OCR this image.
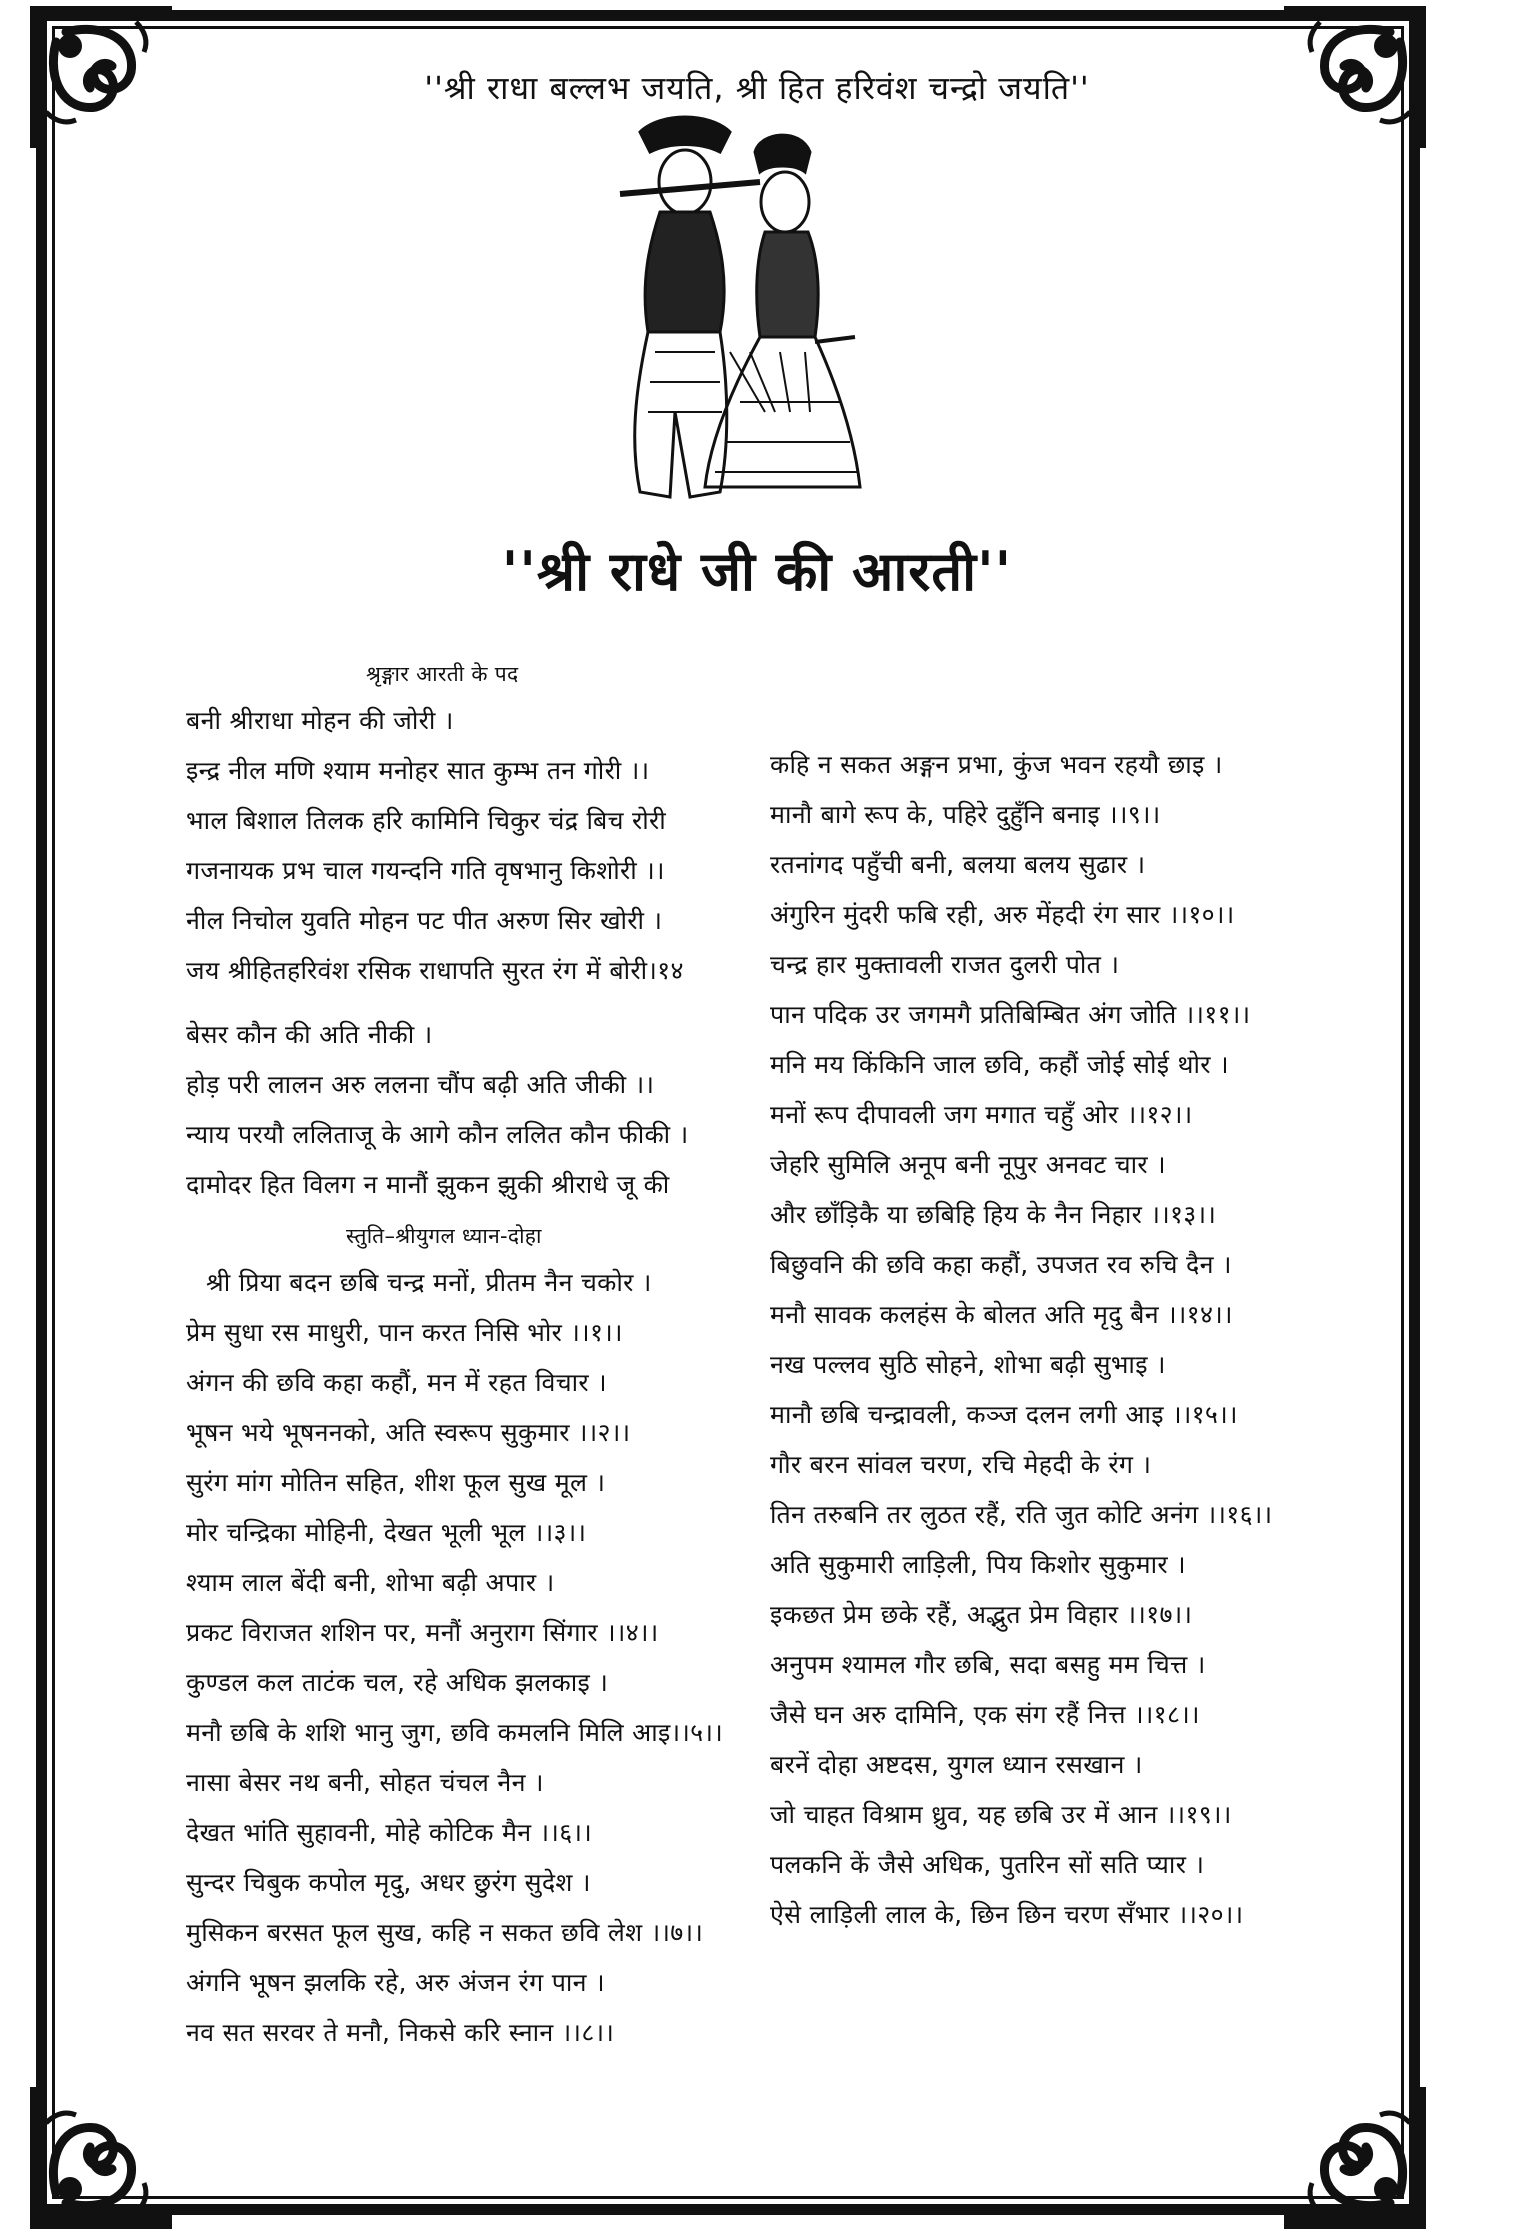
''श्री राधा बल्लभ जयति, श्री हित हरिवंश चन्द्रो जयति''
''श्री राधे जी की आरती''
श्रृङ्गार आरती के पद
बनी श्रीराधा मोहन की जोरी ।
इन्द्र नील मणि श्याम मनोहर सात कुम्भ तन गोरी ।।
भाल बिशाल तिलक हरि कामिनि चिकुर चंद्र बिच रोरी
गजनायक प्रभ चाल गयन्दनि गति वृषभानु किशोरी ।।
नील निचोल युवति मोहन पट पीत अरुण सिर खोरी ।
जय श्रीहितहरिवंश रसिक राधापति सुरत रंग में बोरी।१४
बेसर कौन की अति नीकी ।
होड़ परी लालन अरु ललना चौंप बढ़ी अति जीकी ।।
न्याय परयौ ललिताजू के आगे कौन ललित कौन फीकी ।
दामोदर हित विलग न मानौं झुकन झुकी श्रीराधे जू की
स्तुति–श्रीयुगल ध्यान-दोहा
श्री प्रिया बदन छबि चन्द्र मनों, प्रीतम नैन चकोर ।
प्रेम सुधा रस माधुरी, पान करत निसि भोर ।।१।।
अंगन की छवि कहा कहौं, मन में रहत विचार ।
भूषन भये भूषननको, अति स्वरूप सुकुमार ।।२।।
सुरंग मांग मोतिन सहित, शीश फूल सुख मूल ।
मोर चन्द्रिका मोहिनी, देखत भूली भूल ।।३।।
श्याम लाल बेंदी बनी, शोभा बढ़ी अपार ।
प्रकट विराजत शशिन पर, मनौं अनुराग सिंगार ।।४।।
कुण्डल कल ताटंक चल, रहे अधिक झलकाइ ।
मनौ छबि के शशि भानु जुग, छवि कमलनि मिलि आइ।।५।।
नासा बेसर नथ बनी, सोहत चंचल नैन ।
देखत भांति सुहावनी, मोहे कोटिक मैन ।।६।।
सुन्दर चिबुक कपोल मृदु, अधर छुरंग सुदेश ।
मुसिकन बरसत फूल सुख, कहि न सकत छवि लेश ।।७।।
अंगनि भूषन झलकि रहे, अरु अंजन रंग पान ।
नव सत सरवर ते मनौ, निकसे करि स्नान ।।८।।
कहि न सकत अङ्गन प्रभा, कुंज भवन रहयौ छाइ ।
मानौ बागे रूप के, पहिरे दुहुँनि बनाइ ।।९।।
रतनांगद पहुँची बनी, बलया बलय सुढार ।
अंगुरिन मुंदरी फबि रही, अरु मेंहदी रंग सार ।।१०।।
चन्द्र हार मुक्तावली राजत दुलरी पोत ।
पान पदिक उर जगमगै प्रतिबिम्बित अंग जोति ।।११।।
मनि मय किंकिनि जाल छवि, कहौं जोई सोई थोर ।
मनों रूप दीपावली जग मगात चहुँ ओर ।।१२।।
जेहरि सुमिलि अनूप बनी नूपुर अनवट चार ।
और छाँड़िकै या छबिहि हिय के नैन निहार ।।१३।।
बिछुवनि की छवि कहा कहौं, उपजत रव रुचि दैन ।
मनौ सावक कलहंस के बोलत अति मृदु बैन ।।१४।।
नख पल्लव सुठि सोहने, शोभा बढ़ी सुभाइ ।
मानौ छबि चन्द्रावली, कञ्ज दलन लगी आइ ।।१५।।
गौर बरन सांवल चरण, रचि मेहदी के रंग ।
तिन तरुबनि तर लुठत रहैं, रति जुत कोटि अनंग ।।१६।।
अति सुकुमारी लाड़िली, पिय किशोर सुकुमार ।
इकछत प्रेम छके रहैं, अद्भुत प्रेम विहार ।।१७।।
अनुपम श्यामल गौर छबि, सदा बसहु मम चित्त ।
जैसे घन अरु दामिनि, एक संग रहैं नित्त ।।१८।।
बरनें दोहा अष्टदस, युगल ध्यान रसखान ।
जो चाहत विश्राम ध्रुव, यह छबि उर में आन ।।१९।।
पलकनि कें जैसे अधिक, पुतरिन सों सति प्यार ।
ऐसे लाड़िली लाल के, छिन छिन चरण सँभार ।।२०।।
